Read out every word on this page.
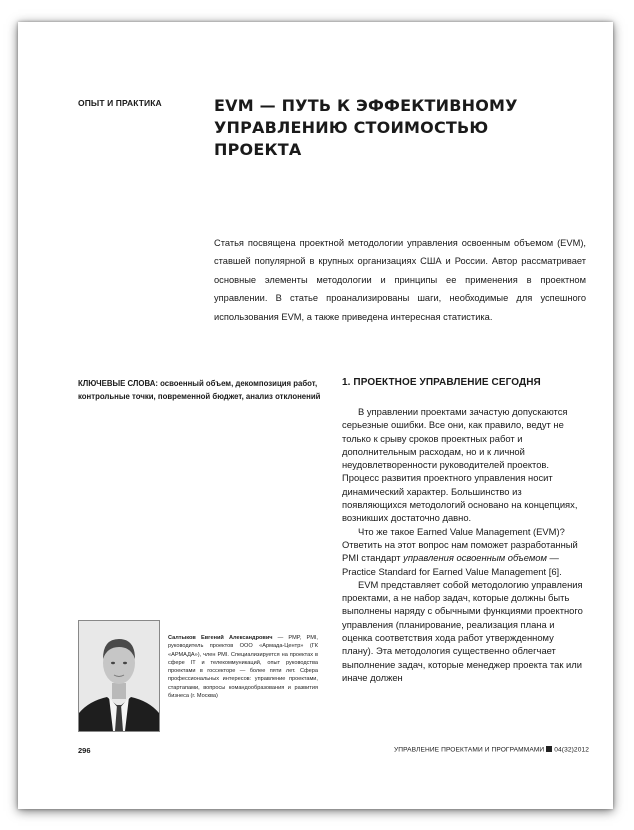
ОПЫТ И ПРАКТИКА	EVM — ПУТЬ К ЭФФЕКТИВНОМУ
УПРАВЛЕНИЮ СТОИМОСТЬЮ ПРОЕКТА
Статья посвящена проектной методологии управления освоенным объемом (EVM), ставшей популярной в крупных организациях США и России. Автор рассматривает основные элементы методологии и принципы ее применения в проектном управлении. В статье проанализированы шаги, необходимые для успешного использования EVM, а также приведена интересная статистика.
КЛЮЧЕВЫЕ СЛОВА: освоенный объем, декомпозиция работ, контрольные точки, повременной бюджет, анализ отклонений
1. ПРОЕКТНОЕ УПРАВЛЕНИЕ СЕГОДНЯ

В управлении проектами зачастую допускаются серьезные ошибки. Все они, как правило, ведут не только к срыву сроков проектных работ и дополнительным расходам, но и к личной неудовлетворенности руководителей проектов. Процесс развития проектного управления носит динамический характер. Большинство из появляющихся методологий основано на концепциях, возникших достаточно давно.

Что же такое Earned Value Management (EVM)? Ответить на этот вопрос нам поможет разработанный PMI стандарт управления освоенным объемом — Practice Standard for Earned Value Management [6].

EVM представляет собой методологию управления проектами, а не набор задач, которые должны быть выполнены наряду с обычными функциями проектного управления (планирование, реализация плана и оценка соответствия хода работ утвержденному плану). Эта методология существенно облегчает выполнение задач, которые менеджер проекта так или иначе должен

Салтыков Евгений Александрович — PMP, PMI, руководитель проектов ООО «Армада-Центр» (ГК «АРМАДА»), член PMI. Специализируется на проектах в сфере IT и телекоммуникаций, опыт руководства проектами в госсекторе — более пяти лет. Сфера профессиональных интересов: управление проектами, стартапами, вопросы командообразования и развития бизнеса (г. Москва)
296	УПРАВЛЕНИЕ ПРОЕКТАМИ И ПРОГРАММАМИ 04(32)2012
